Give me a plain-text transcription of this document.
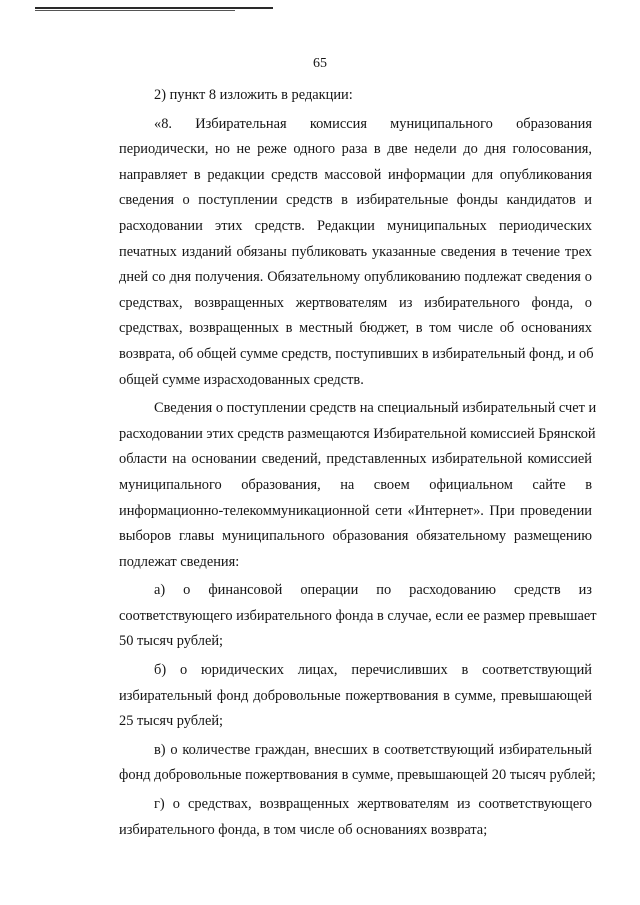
65

2) пункт 8 изложить в редакции:

«8. Избирательная комиссия муниципального образования
периодически, но не реже одного раза в две недели до дня голосования,
направляет в редакции средств массовой информации для опубликования
сведения о поступлении средств в избирательные фонды кандидатов и
расходовании этих средств. Редакции муниципальных периодических
печатных изданий обязаны публиковать указанные сведения в течение трех
дней со дня получения. Обязательному опубликованию подлежат сведения о
средствах, возвращенных жертвователям из избирательного фонда, о
средствах, возвращенных в местный бюджет, в том числе об основаниях
возврата, об общей сумме средств, поступивших в избирательный фонд, и об
общей сумме израсходованных средств.

Сведения о поступлении средств на специальный избирательный счет и
расходовании этих средств размещаются Избирательной комиссией Брянской
области на основании сведений, представленных избирательной комиссией
муниципального образования, на своем официальном сайте в
информационно-телекоммуникационной сети «Интернет». При проведении
выборов главы муниципального образования обязательному размещению
подлежат сведения:

а) о финансовой операции по расходованию средств из
соответствующего избирательного фонда в случае, если ее размер превышает
50 тысяч рублей;

б) о юридических лицах, перечисливших в соответствующий
избирательный фонд добровольные пожертвования в сумме, превышающей
25 тысяч рублей;

в) о количестве граждан, внесших в соответствующий избирательный
фонд добровольные пожертвования в сумме, превышающей 20 тысяч рублей;

г) о средствах, возвращенных жертвователям из соответствующего
избирательного фонда, в том числе об основаниях возврата;
